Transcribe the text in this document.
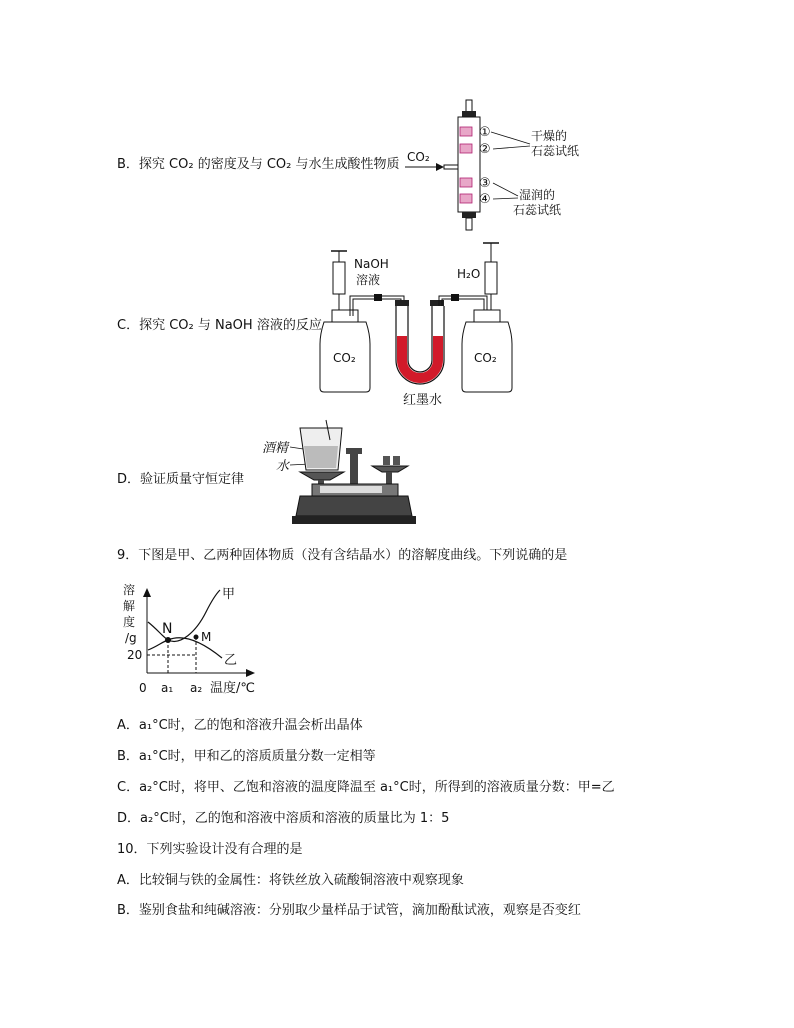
B．探究 CO₂ 的密度及与 CO₂ 与水生成酸性物质 CO₂
①
②
③
④
干燥的
石蕊试纸
湿润的
石蕊试纸
C．探究 CO₂ 与 NaOH 溶液的反应
NaOH
溶液
CO₂
红墨水
H₂O
CO₂
D．验证质量守恒定律
酒精
水
9．下图是甲、乙两种固体物质（没有含结晶水）的溶解度曲线。下列说确的是
溶
解
度
/g
20
0 a₁ a₂ 温度/℃
甲
乙
N M
A．a₁°C时，乙的饱和溶液升温会析出晶体
B．a₁°C时，甲和乙的溶质质量分数一定相等
C．a₂°C时，将甲、乙饱和溶液的温度降温至 a₁°C时，所得到的溶液质量分数：甲=乙
D．a₂°C时，乙的饱和溶液中溶质和溶液的质量比为 1：5
10．下列实验设计没有合理的是
A．比较铜与铁的金属性：将铁丝放入硫酸铜溶液中观察现象
B．鉴别食盐和纯碱溶液：分别取少量样品于试管，滴加酚酞试液，观察是否变红
